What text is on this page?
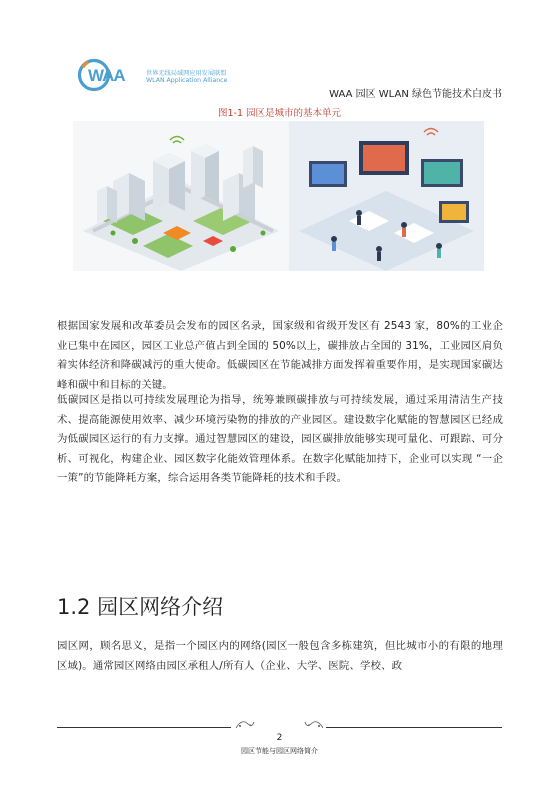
WAA	世界无线局域网应用发展联盟
WLAN Application Alliance
WAA 园区 WLAN 绿色节能技术白皮书
图1-1 园区是城市的基本单元
根据国家发展和改革委员会发布的园区名录，国家级和省级开发区有 2543 家，80%的工业企业已集中在园区，园区工业总产值占到全国的 50%以上，碳排放占全国的 31%，工业园区肩负着实体经济和降碳减污的重大使命。低碳园区在节能减排方面发挥着重要作用，是实现国家碳达峰和碳中和目标的关键。
低碳园区是指以可持续发展理论为指导，统筹兼顾碳排放与可持续发展，通过采用清洁生产技术、提高能源使用效率、减少环境污染物的排放的产业园区。建设数字化赋能的智慧园区已经成为低碳园区运行的有力支撑。通过智慧园区的建设，园区碳排放能够实现可量化、可跟踪、可分析、可视化，构建企业、园区数字化能效管理体系。在数字化赋能加持下，企业可以实现 “一企一策”的节能降耗方案，综合运用各类节能降耗的技术和手段。
1.2 园区网络介绍
园区网，顾名思义，是指一个园区内的网络(园区一般包含多栋建筑，但比城市小的有限的地理区域)。通常园区网络由园区承租人/所有人（企业、大学、医院、学校、政
2
园区节能与园区网络简介
